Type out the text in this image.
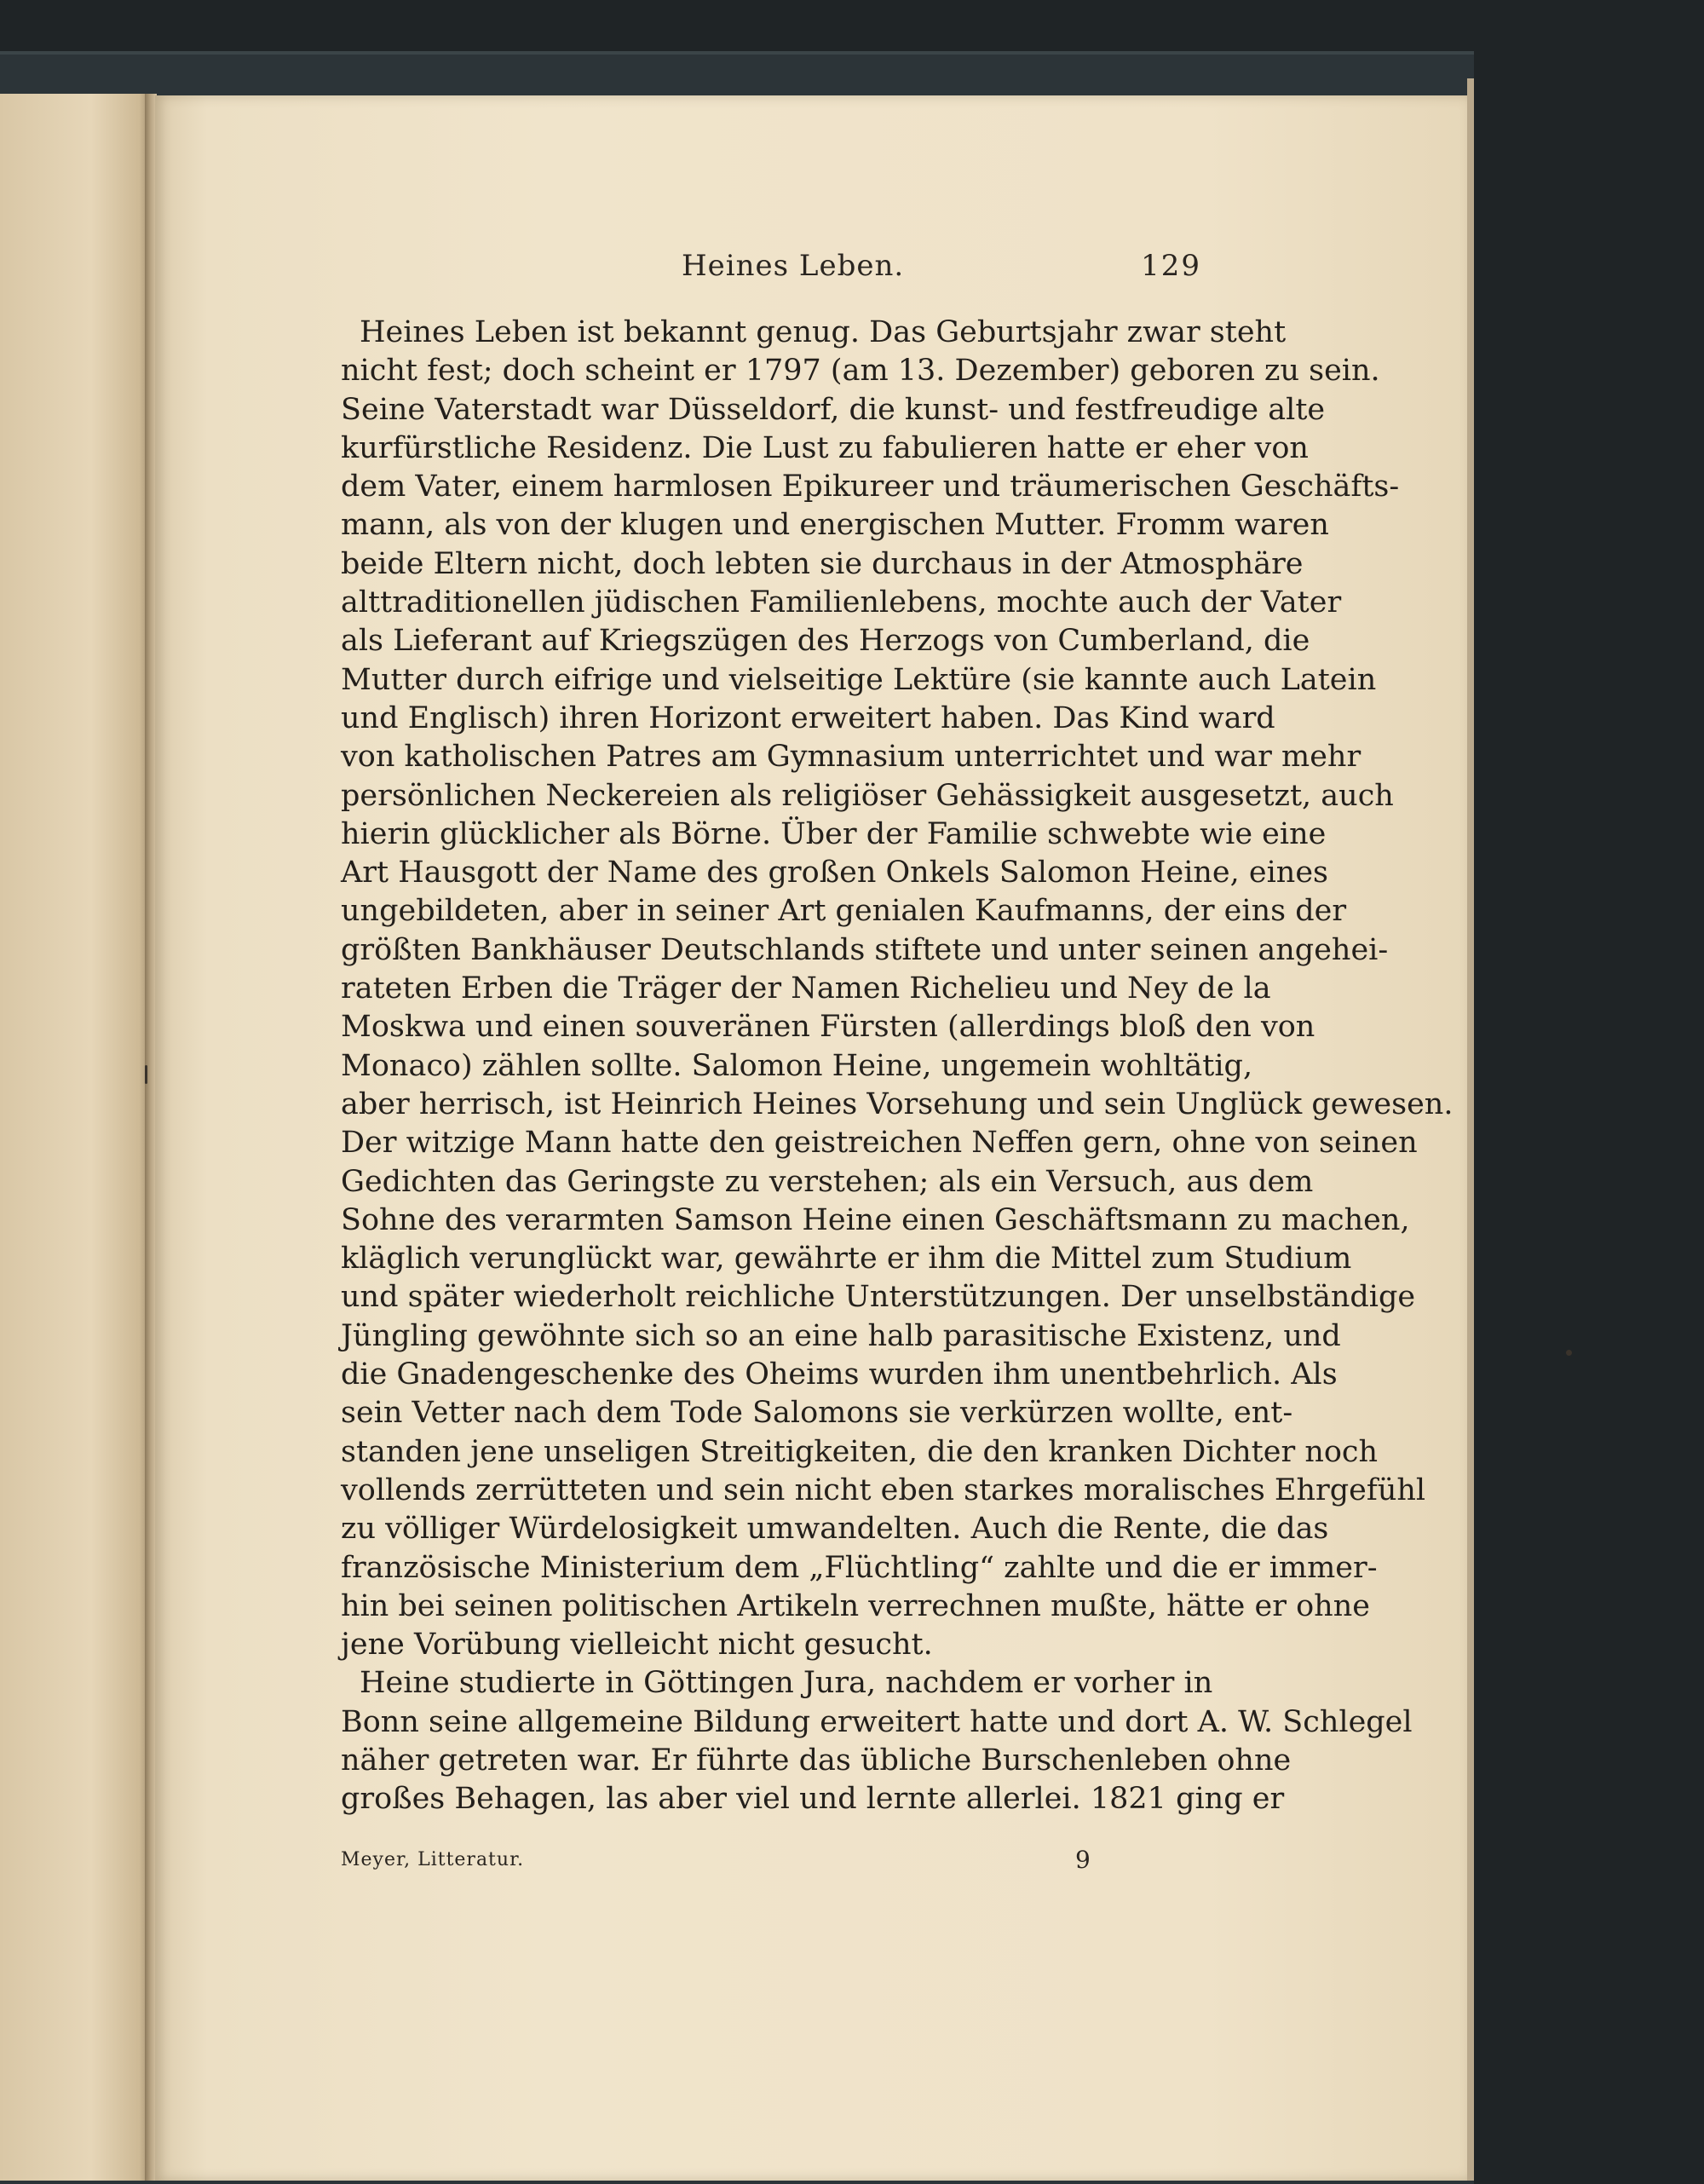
Heines Leben.	129
Heines Leben ist bekannt genug. Das Geburtsjahr zwar steht
nicht fest; doch scheint er 1797 (am 13. Dezember) geboren zu sein.
Seine Vaterstadt war Düsseldorf, die kunst- und festfreudige alte
kurfürstliche Residenz. Die Lust zu fabulieren hatte er eher von
dem Vater, einem harmlosen Epikureer und träumerischen Geschäfts-
mann, als von der klugen und energischen Mutter. Fromm waren
beide Eltern nicht, doch lebten sie durchaus in der Atmosphäre
alttraditionellen jüdischen Familienlebens, mochte auch der Vater
als Lieferant auf Kriegszügen des Herzogs von Cumberland, die
Mutter durch eifrige und vielseitige Lektüre (sie kannte auch Latein
und Englisch) ihren Horizont erweitert haben. Das Kind ward
von katholischen Patres am Gymnasium unterrichtet und war mehr
persönlichen Neckereien als religiöser Gehässigkeit ausgesetzt, auch
hierin glücklicher als Börne. Über der Familie schwebte wie eine
Art Hausgott der Name des großen Onkels Salomon Heine, eines
ungebildeten, aber in seiner Art genialen Kaufmanns, der eins der
größten Bankhäuser Deutschlands stiftete und unter seinen angehei-
rateten Erben die Träger der Namen Richelieu und Ney de la
Moskwa und einen souveränen Fürsten (allerdings bloß den von
Monaco) zählen sollte. Salomon Heine, ungemein wohltätig,
aber herrisch, ist Heinrich Heines Vorsehung und sein Unglück gewesen.
Der witzige Mann hatte den geistreichen Neffen gern, ohne von seinen
Gedichten das Geringste zu verstehen; als ein Versuch, aus dem
Sohne des verarmten Samson Heine einen Geschäftsmann zu machen,
kläglich verunglückt war, gewährte er ihm die Mittel zum Studium
und später wiederholt reichliche Unterstützungen. Der unselbständige
Jüngling gewöhnte sich so an eine halb parasitische Existenz, und
die Gnadengeschenke des Oheims wurden ihm unentbehrlich. Als
sein Vetter nach dem Tode Salomons sie verkürzen wollte, ent-
standen jene unseligen Streitigkeiten, die den kranken Dichter noch
vollends zerrütteten und sein nicht eben starkes moralisches Ehrgefühl
zu völliger Würdelosigkeit umwandelten. Auch die Rente, die das
französische Ministerium dem „Flüchtling“ zahlte und die er immer-
hin bei seinen politischen Artikeln verrechnen mußte, hätte er ohne
jene Vorübung vielleicht nicht gesucht.
Heine studierte in Göttingen Jura, nachdem er vorher in
Bonn seine allgemeine Bildung erweitert hatte und dort A. W. Schlegel
näher getreten war. Er führte das übliche Burschenleben ohne
großes Behagen, las aber viel und lernte allerlei. 1821 ging er
Meyer, Litteratur.	9
